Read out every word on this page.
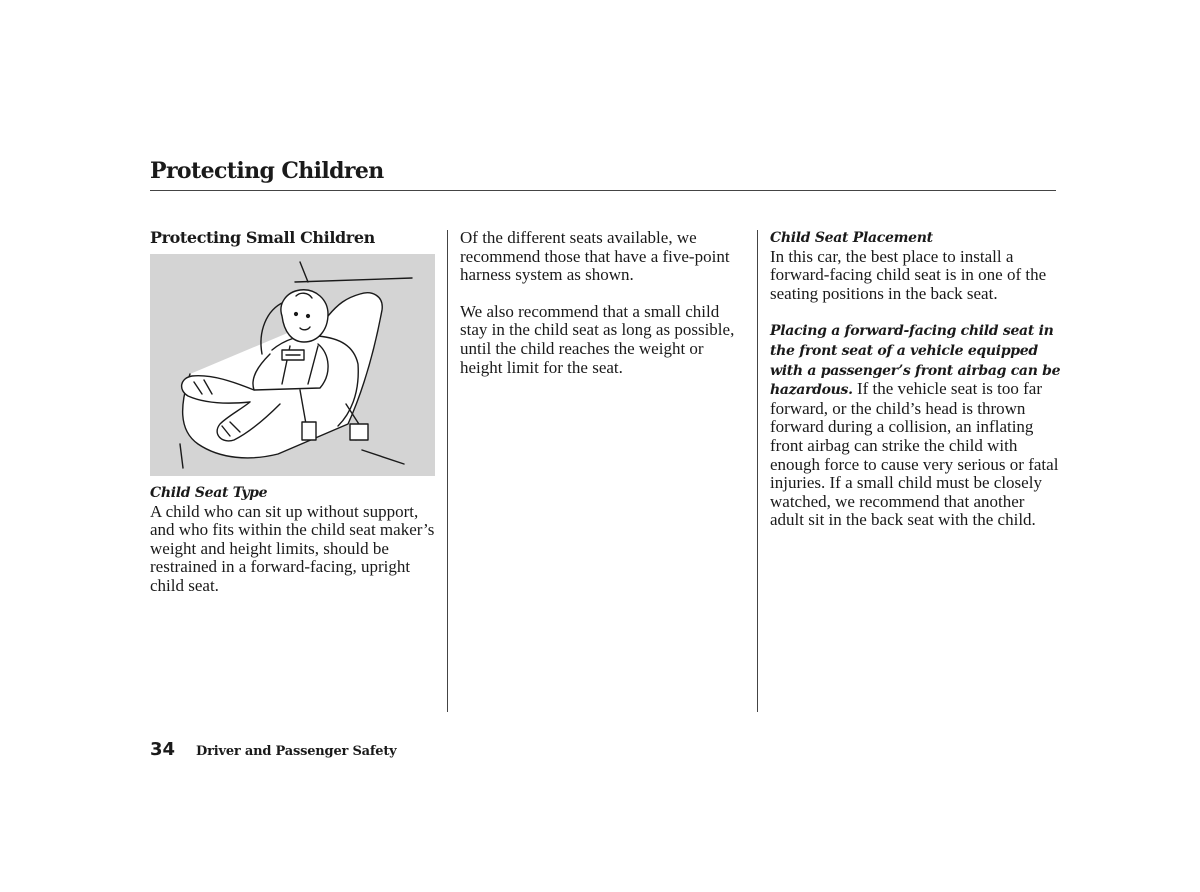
Protecting Children
Protecting Small Children
Child Seat Type

A child who can sit up without support, and who fits within the child seat maker’s weight and height limits, should be restrained in a forward-facing, upright child seat.

Of the different seats available, we recommend those that have a five-point harness system as shown.

We also recommend that a small child stay in the child seat as long as possible, until the child reaches the weight or height limit for the seat.

Child Seat Placement

In this car, the best place to install a forward-facing child seat is in one of the seating positions in the back seat.

Placing a forward-facing child seat in the front seat of a vehicle equipped with a passenger’s front airbag can be hazardous. If the vehicle seat is too far forward, or the child’s head is thrown forward during a collision, an inflating front airbag can strike the child with enough force to cause very serious or fatal injuries. If a small child must be closely watched, we recommend that another adult sit in the back seat with the child.

34 Driver and Passenger Safety
